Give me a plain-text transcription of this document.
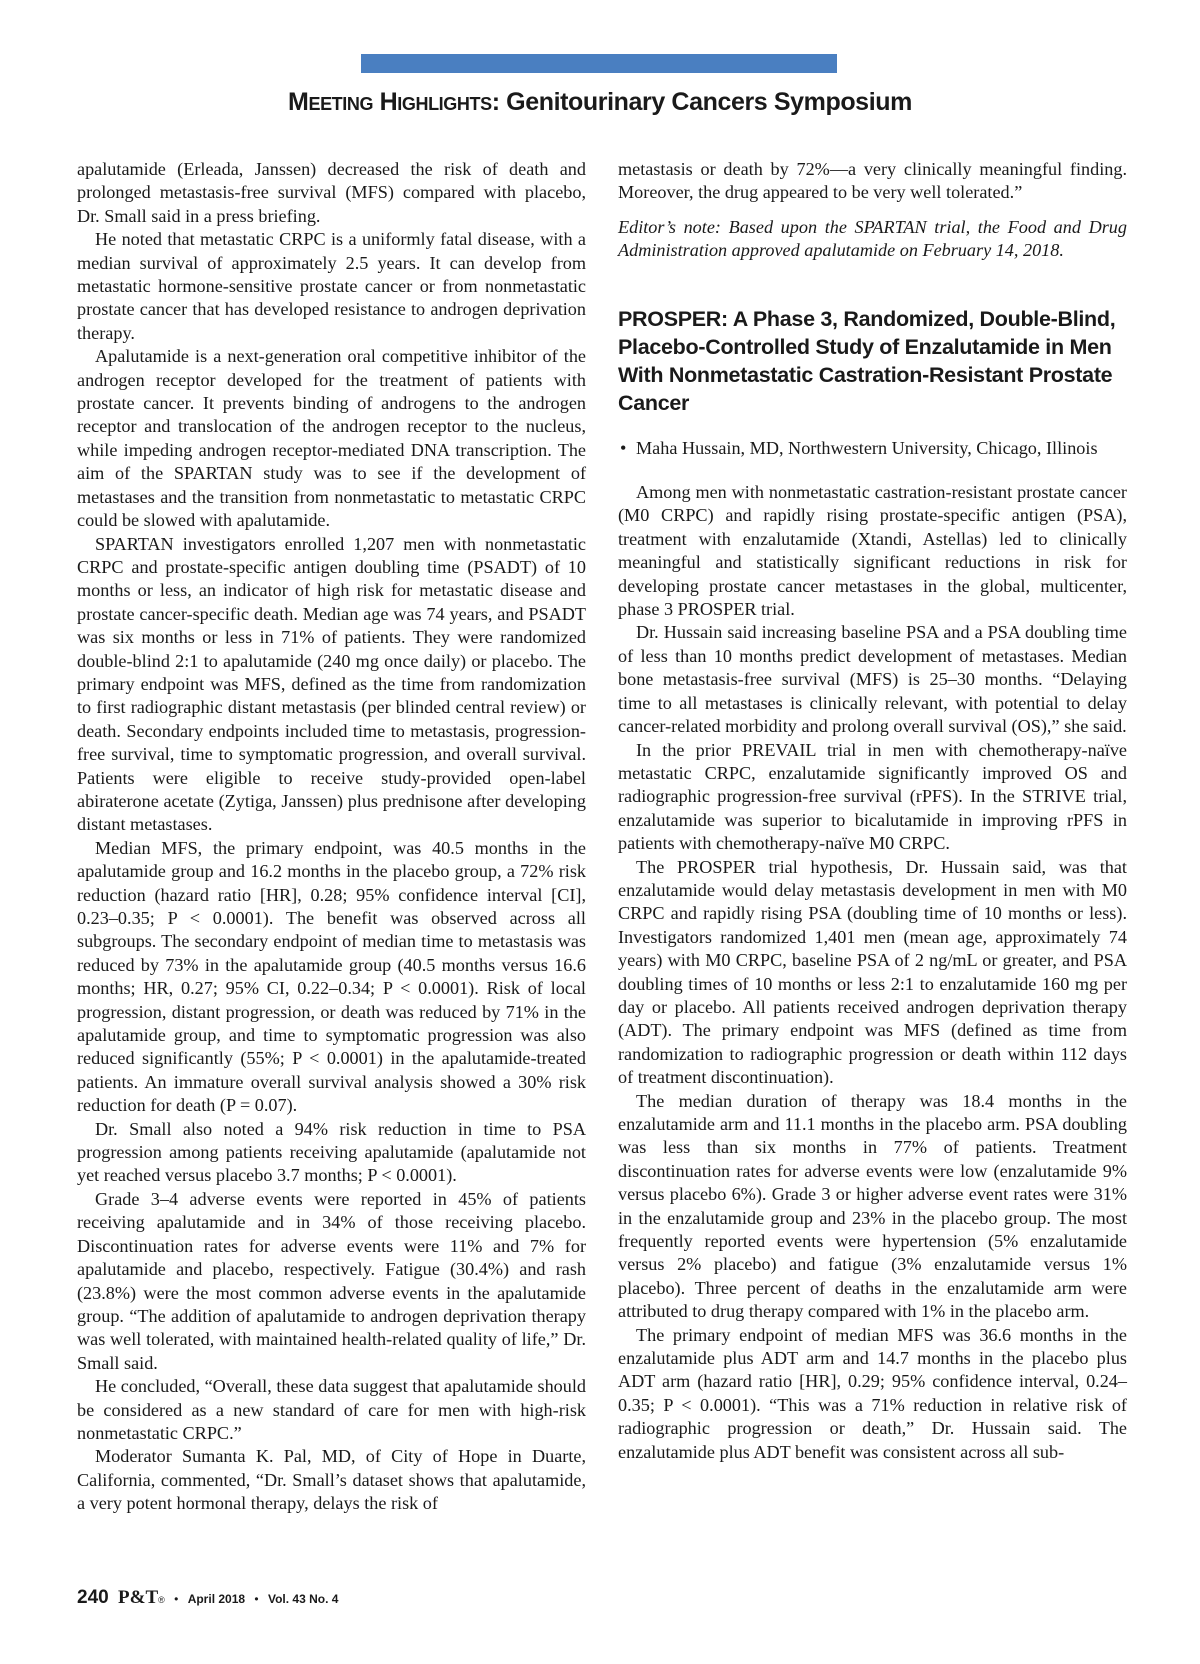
Meeting Highlights: Genitourinary Cancers Symposium

apalutamide (Erleada, Janssen) decreased the risk of death and prolonged metastasis-free survival (MFS) compared with placebo, Dr. Small said in a press briefing.

He noted that metastatic CRPC is a uniformly fatal disease, with a median survival of approximately 2.5 years. It can develop from metastatic hormone-sensitive prostate cancer or from nonmetastatic prostate cancer that has developed resistance to androgen deprivation therapy.

Apalutamide is a next-generation oral competitive inhibitor of the androgen receptor developed for the treatment of patients with prostate cancer. It prevents binding of androgens to the androgen receptor and translocation of the androgen receptor to the nucleus, while impeding androgen receptor-mediated DNA transcription. The aim of the SPARTAN study was to see if the development of metastases and the transition from nonmetastatic to metastatic CRPC could be slowed with apalutamide.

SPARTAN investigators enrolled 1,207 men with nonmetastatic CRPC and prostate-specific antigen doubling time (PSADT) of 10 months or less, an indicator of high risk for metastatic disease and prostate cancer-specific death. Median age was 74 years, and PSADT was six months or less in 71% of patients. They were randomized double-blind 2:1 to apalutamide (240 mg once daily) or placebo. The primary endpoint was MFS, defined as the time from randomization to first radiographic distant metastasis (per blinded central review) or death. Secondary endpoints included time to metastasis, progression-free survival, time to symptomatic progression, and overall survival. Patients were eligible to receive study-provided open-label abiraterone acetate (Zytiga, Janssen) plus prednisone after developing distant metastases.

Median MFS, the primary endpoint, was 40.5 months in the apalutamide group and 16.2 months in the placebo group, a 72% risk reduction (hazard ratio [HR], 0.28; 95% confidence interval [CI], 0.23–0.35; P < 0.0001). The benefit was observed across all subgroups. The secondary endpoint of median time to metastasis was reduced by 73% in the apalutamide group (40.5 months versus 16.6 months; HR, 0.27; 95% CI, 0.22–0.34; P < 0.0001). Risk of local progression, distant progression, or death was reduced by 71% in the apalutamide group, and time to symptomatic progression was also reduced significantly (55%; P < 0.0001) in the apalutamide-treated patients. An immature overall survival analysis showed a 30% risk reduction for death (P = 0.07).

Dr. Small also noted a 94% risk reduction in time to PSA progression among patients receiving apalutamide (apalutamide not yet reached versus placebo 3.7 months; P < 0.0001).

Grade 3–4 adverse events were reported in 45% of patients receiving apalutamide and in 34% of those receiving placebo. Discontinuation rates for adverse events were 11% and 7% for apalutamide and placebo, respectively. Fatigue (30.4%) and rash (23.8%) were the most common adverse events in the apalutamide group. “The addition of apalutamide to androgen deprivation therapy was well tolerated, with maintained health-related quality of life,” Dr. Small said.

He concluded, “Overall, these data suggest that apalutamide should be considered as a new standard of care for men with high-risk nonmetastatic CRPC.”

Moderator Sumanta K. Pal, MD, of City of Hope in Duarte, California, commented, “Dr. Small’s dataset shows that apalutamide, a very potent hormonal therapy, delays the risk of

metastasis or death by 72%—a very clinically meaningful finding. Moreover, the drug appeared to be very well tolerated.”

Editor’s note: Based upon the SPARTAN trial, the Food and Drug Administration approved apalutamide on February 14, 2018.

PROSPER: A Phase 3, Randomized, Double-Blind, Placebo-Controlled Study of Enzalutamide in Men With Nonmetastatic Castration-Resistant Prostate Cancer
• Maha Hussain, MD, Northwestern University, Chicago, Illinois

Among men with nonmetastatic castration-resistant prostate cancer (M0 CRPC) and rapidly rising prostate-specific antigen (PSA), treatment with enzalutamide (Xtandi, Astellas) led to clinically meaningful and statistically significant reductions in risk for developing prostate cancer metastases in the global, multicenter, phase 3 PROSPER trial.

Dr. Hussain said increasing baseline PSA and a PSA doubling time of less than 10 months predict development of metastases. Median bone metastasis-free survival (MFS) is 25–30 months. “Delaying time to all metastases is clinically relevant, with potential to delay cancer-related morbidity and prolong overall survival (OS),” she said.

In the prior PREVAIL trial in men with chemotherapy-naïve metastatic CRPC, enzalutamide significantly improved OS and radiographic progression-free survival (rPFS). In the STRIVE trial, enzalutamide was superior to bicalutamide in improving rPFS in patients with chemotherapy-naïve M0 CRPC.

The PROSPER trial hypothesis, Dr. Hussain said, was that enzalutamide would delay metastasis development in men with M0 CRPC and rapidly rising PSA (doubling time of 10 months or less). Investigators randomized 1,401 men (mean age, approximately 74 years) with M0 CRPC, baseline PSA of 2 ng/mL or greater, and PSA doubling times of 10 months or less 2:1 to enzalutamide 160 mg per day or placebo. All patients received androgen deprivation therapy (ADT). The primary endpoint was MFS (defined as time from randomization to radiographic progression or death within 112 days of treatment discontinuation).

The median duration of therapy was 18.4 months in the enzalutamide arm and 11.1 months in the placebo arm. PSA doubling was less than six months in 77% of patients. Treatment discontinuation rates for adverse events were low (enzalutamide 9% versus placebo 6%). Grade 3 or higher adverse event rates were 31% in the enzalutamide group and 23% in the placebo group. The most frequently reported events were hypertension (5% enzalutamide versus 2% placebo) and fatigue (3% enzalutamide versus 1% placebo). Three percent of deaths in the enzalutamide arm were attributed to drug therapy compared with 1% in the placebo arm.

The primary endpoint of median MFS was 36.6 months in the enzalutamide plus ADT arm and 14.7 months in the placebo plus ADT arm (hazard ratio [HR], 0.29; 95% confidence interval, 0.24–0.35; P < 0.0001). “This was a 71% reduction in relative risk of radiographic progression or death,” Dr. Hussain said. The enzalutamide plus ADT benefit was consistent across all sub-

240 P&T® • April 2018 • Vol. 43 No. 4
